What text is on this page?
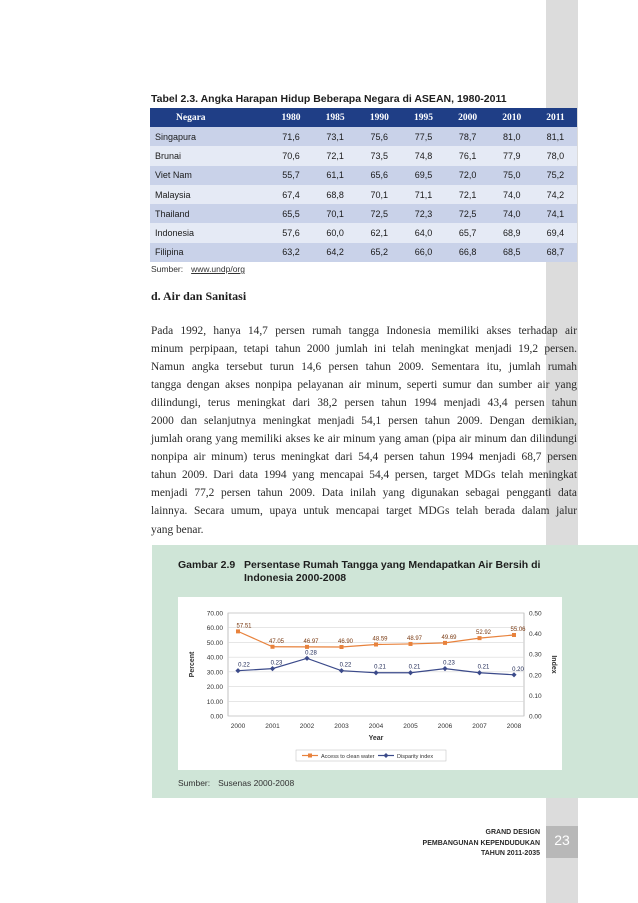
Tabel 2.3. Angka Harapan Hidup Beberapa Negara di ASEAN, 1980-2011
Negara	1980	1985	1990	1995	2000	2010	2011
Singapura	71,6	73,1	75,6	77,5	78,7	81,0	81,1
Brunai	70,6	72,1	73,5	74,8	76,1	77,9	78,0
Viet Nam	55,7	61,1	65,6	69,5	72,0	75,0	75,2
Malaysia	67,4	68,8	70,1	71,1	72,1	74,0	74,2
Thailand	65,5	70,1	72,5	72,3	72,5	74,0	74,1
Indonesia	57,6	60,0	62,1	64,0	65,7	68,9	69,4
Filipina	63,2	64,2	65,2	66,0	66,8	68,5	68,7
Sumber: www.undp/org
d. Air dan Sanitasi

Pada 1992, hanya 14,7 persen rumah tangga Indonesia memiliki akses terhadap air
minum perpipaan, tetapi tahun 2000 jumlah ini telah meningkat menjadi 19,2 persen.
Namun angka tersebut turun 14,6 persen tahun 2009. Sementara itu, jumlah rumah
tangga dengan akses nonpipa pelayanan air minum, seperti sumur dan sumber air yang
dilindungi, terus meningkat dari 38,2 persen tahun 1994 menjadi 43,4 persen tahun
2000 dan selanjutnya meningkat menjadi 54,1 persen tahun 2009. Dengan demikian,
jumlah orang yang memiliki akses ke air minum yang aman (pipa air minum dan dilindungi
nonpipa air minum) terus meningkat dari 54,4 persen tahun 1994 menjadi 68,7 persen
tahun 2009. Dari data 1994 yang mencapai 54,4 persen, target MDGs telah meningkat
menjadi 77,2 persen tahun 2009. Data inilah yang digunakan sebagai pengganti data
lainnya. Secara umum, upaya untuk mencapai target MDGs telah berada dalam jalur
yang benar.

Gambar 2.9 Persentase Rumah Tangga yang Mendapatkan Air Bersih di Indonesia 2000-2008
0.00
10.00
20.00
30.00
40.00
50.00
60.00
70.00
0.00
0.10
0.20
0.30
0.40
0.50
2000	2001	2002	2003	2004	2005	2006	2007	2008
Year
Percent	Index
57.51
47.05	46.97	46.90	48.59	48.97	49.69
52.92
55.06
0.22	0.23
0.28
0.22	0.21	0.21
0.23
0.21	0.20
Access to clean water	Disparity index
Sumber: Susenas 2000-2008
GRAND DESIGN
PEMBANGUNAN KEPENDUDUKAN
TAHUN 2011-2035
23
